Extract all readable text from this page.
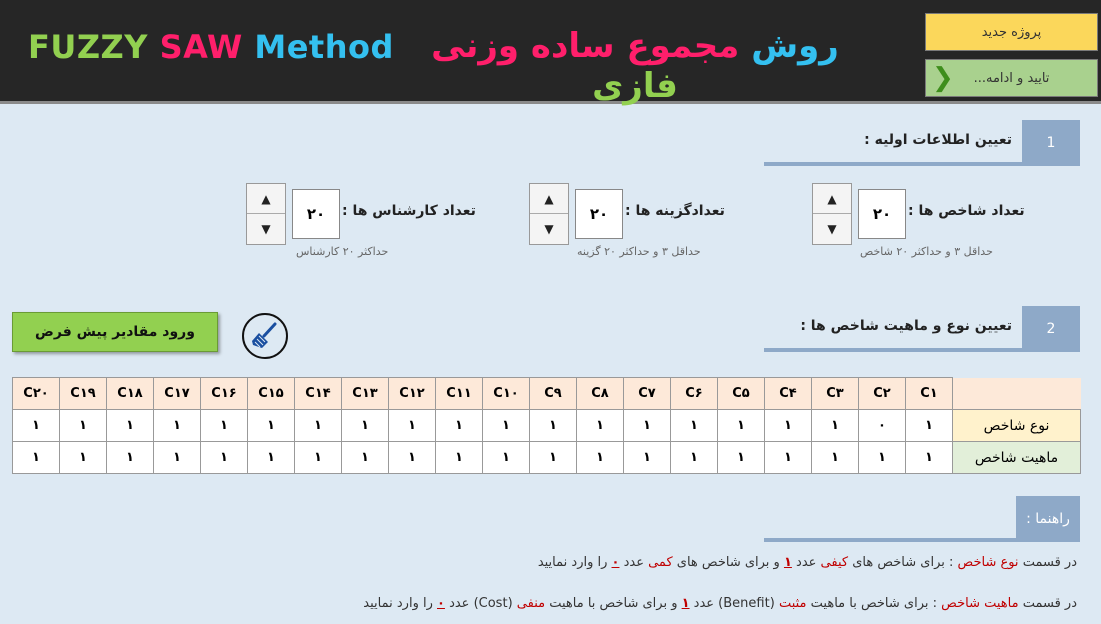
FUZZY SAW Method	روش مجموع ساده وزنی فازی
پروژه جدید
❮ تایید و ادامه...
1
تعیین اطلاعات اولیه :
تعداد شاخص ها :
۲۰
▲
▼
حداقل ۳ و حداکثر ۲۰ شاخص
تعدادگزینه ها :
۲۰
▲
▼
حداقل ۳ و حداکثر ۲۰ گزینه
تعداد کارشناس ها :
۲۰
▲
▼
حداکثر ۲۰ کارشناس
2
تعیین نوع و ماهیت شاخص ها :
ورود مقادیر پیش فرض
C۲۰	C۱۹	C۱۸	C۱۷	C۱۶	C۱۵	C۱۴	C۱۳	C۱۲	C۱۱	C۱۰	C۹	C۸	C۷	C۶	C۵	C۴	C۳	C۲	C۱	
۱	۱	۱	۱	۱	۱	۱	۱	۱	۱	۱	۱	۱	۱	۱	۱	۱	۱	۰	۱	نوع شاخص
۱	۱	۱	۱	۱	۱	۱	۱	۱	۱	۱	۱	۱	۱	۱	۱	۱	۱	۱	۱	ماهیت شاخص
راهنما :
در قسمت نوع شاخص : برای شاخص های کیفی عدد ۱ و برای شاخص های کمی عدد ۰ را وارد نمایید
در قسمت ماهیت شاخص : برای شاخص با ماهیت مثبت (Benefit) عدد ۱ و برای شاخص با ماهیت منفی (Cost) عدد ۰ را وارد نمایید
